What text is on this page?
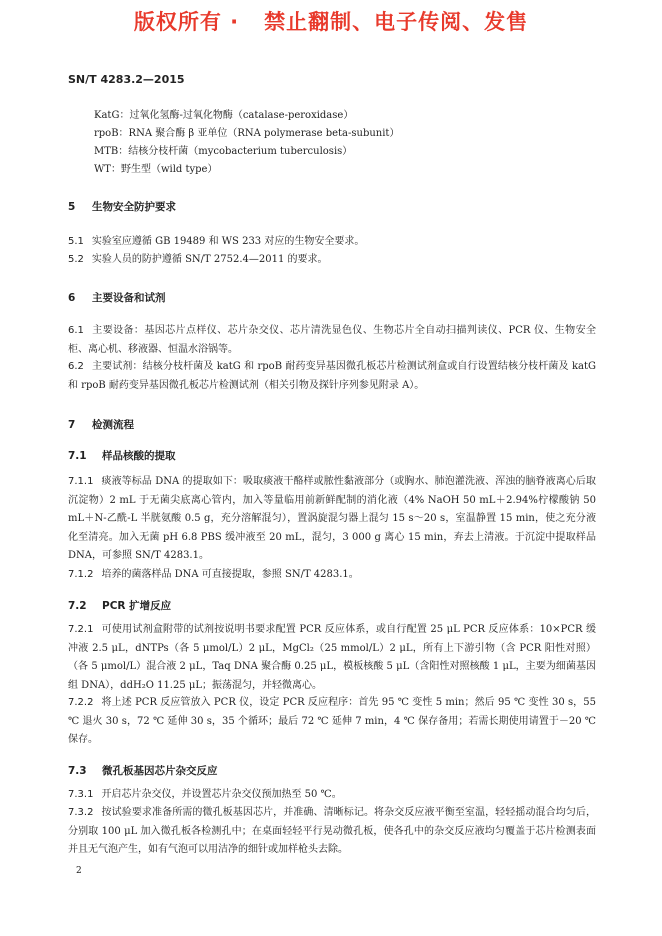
版权所有 ·   禁止翻制、电子传阅、发售
SN/T 4283.2—2015
KatG：过氧化氢酶-过氧化物酶（catalase-peroxidase）
rpoB：RNA 聚合酶 β 亚单位（RNA polymerase beta-subunit）
MTB：结核分枝杆菌（mycobacterium tuberculosis）
WT：野生型（wild type）
5 生物安全防护要求
5.1 实验室应遵循 GB 19489 和 WS 233 对应的生物安全要求。
5.2 实验人员的防护遵循 SN/T 2752.4—2011 的要求。
6 主要设备和试剂
6.1 主要设备：基因芯片点样仪、芯片杂交仪、芯片清洗显色仪、生物芯片全自动扫描判读仪、PCR 仪、生物安全柜、离心机、移液器、恒温水浴锅等。
6.2 主要试剂：结核分枝杆菌及 katG 和 rpoB 耐药变异基因微孔板芯片检测试剂盒或自行设置结核分枝杆菌及 katG 和 rpoB 耐药变异基因微孔板芯片检测试剂（相关引物及探针序列参见附录 A）。
7 检测流程
7.1 样品核酸的提取
7.1.1 痰液等标品 DNA 的提取如下：吸取痰液干酪样或脓性黏液部分（或胸水、肺泡灌洗液、浑浊的脑脊液离心后取沉淀物）2 mL 于无菌尖底离心管内，加入等量临用前新鲜配制的消化液（4% NaOH 50 mL＋2.94%柠檬酸钠 50 mL＋N-乙酰-L 半胱氨酸 0.5 g，充分溶解混匀），置涡旋混匀器上混匀 15 s～20 s，室温静置 15 min，使之充分液化至清亮。加入无菌 pH 6.8 PBS 缓冲液至 20 mL，混匀，3 000 g 离心 15 min，弃去上清液。于沉淀中提取样品 DNA，可参照 SN/T 4283.1。
7.1.2 培养的菌落样品 DNA 可直接提取，参照 SN/T 4283.1。
7.2 PCR 扩增反应
7.2.1 可使用试剂盒附带的试剂按说明书要求配置 PCR 反应体系，或自行配置 25 μL PCR 反应体系：10×PCR 缓冲液 2.5 μL，dNTPs（各 5 μmol/L）2 μL，MgCl₂（25 mmol/L）2 μL，所有上下游引物（含 PCR 阳性对照）（各 5 μmol/L）混合液 2 μL，Taq DNA 聚合酶 0.25 μL，模板核酸 5 μL（含阳性对照核酸 1 μL，主要为细菌基因组 DNA），ddH₂O 11.25 μL；振荡混匀，并轻微离心。
7.2.2 将上述 PCR 反应管放入 PCR 仪，设定 PCR 反应程序：首先 95 ℃ 变性 5 min；然后 95 ℃ 变性 30 s，55 ℃ 退火 30 s，72 ℃ 延伸 30 s，35 个循环；最后 72 ℃ 延伸 7 min，4 ℃ 保存备用；若需长期使用请置于－20 ℃ 保存。
7.3 微孔板基因芯片杂交反应
7.3.1 开启芯片杂交仪，并设置芯片杂交仪预加热至 50 ℃。
7.3.2 按试验要求准备所需的微孔板基因芯片，并准确、清晰标记。将杂交反应液平衡至室温，轻轻摇动混合均匀后，分别取 100 μL 加入微孔板各检测孔中；在桌面轻轻平行晃动微孔板，使各孔中的杂交反应液均匀覆盖于芯片检测表面并且无气泡产生，如有气泡可以用洁净的细针或加样枪头去除。
2
